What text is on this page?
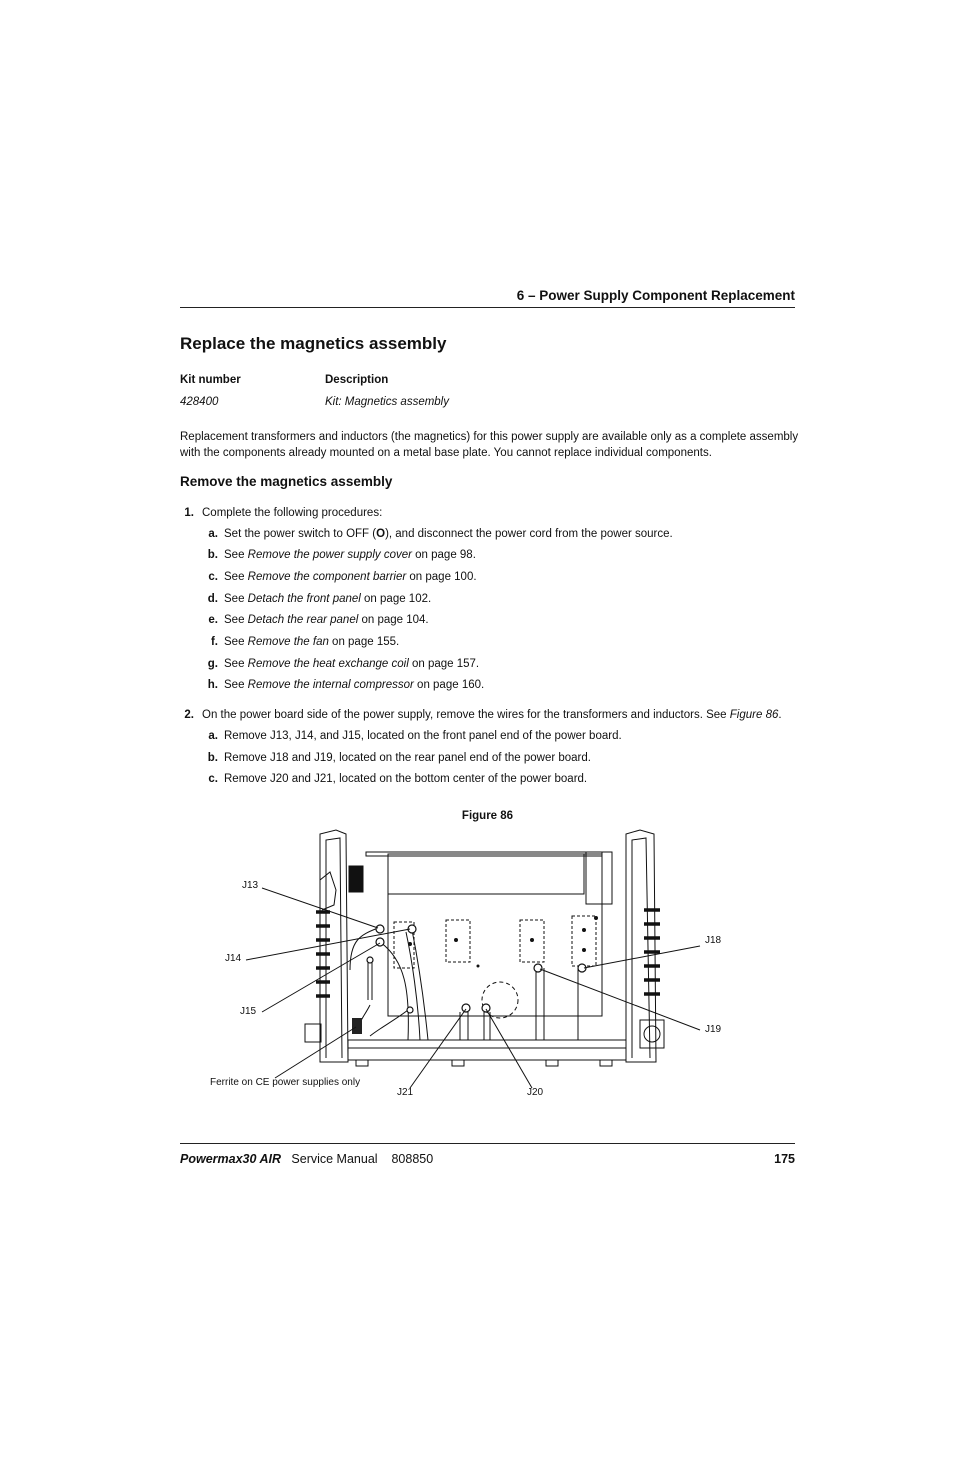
6 – Power Supply Component Replacement
Replace the magnetics assembly
Kit number	Description
428400	Kit: Magnetics assembly
Replacement transformers and inductors (the magnetics) for this power supply are available only as a complete assembly with the components already mounted on a metal base plate. You cannot replace individual components.
Remove the magnetics assembly
1. Complete the following procedures:
a. Set the power switch to OFF (O), and disconnect the power cord from the power source.
b. See Remove the power supply cover on page 98.
c. See Remove the component barrier on page 100.
d. See Detach the front panel on page 102.
e. See Detach the rear panel on page 104.
f. See Remove the fan on page 155.
g. See Remove the heat exchange coil on page 157.
h. See Remove the internal compressor on page 160.
2. On the power board side of the power supply, remove the wires for the transformers and inductors. See Figure 86.
a. Remove J13, J14, and J15, located on the front panel end of the power board.
b. Remove J18 and J19, located on the rear panel end of the power board.
c. Remove J20 and J21, located on the bottom center of the power board.
Figure 86
J13
J14
J15
J18
J19
J21	J20
Ferrite on CE power supplies only
Powermax30 AIR Service Manual 808850	175
